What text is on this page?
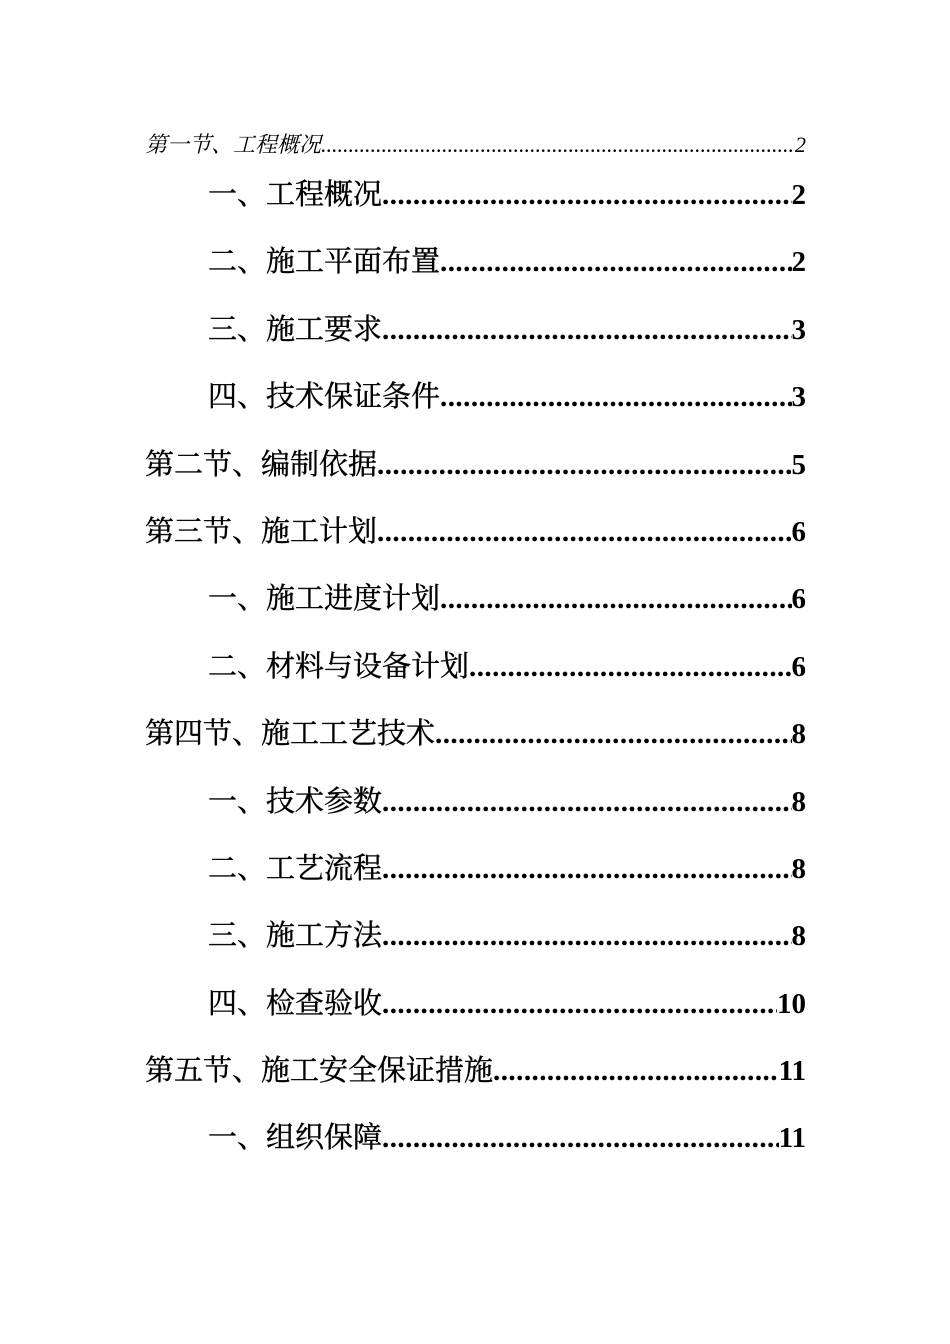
第一节、工程概况 .....	2
一、工程概况 .....	2
二、施工平面布置 .....	2
三、施工要求 .....	3
四、技术保证条件 .....	3
第二节、编制依据 .....	5
第三节、施工计划 .....	6
一、施工进度计划 .....	6
二、材料与设备计划 .....	6
第四节、施工工艺技术 .....	8
一、技术参数 .....	8
二、工艺流程 .....	8
三、施工方法 .....	8
四、检查验收 .....	10
第五节、施工安全保证措施 .....	11
一、组织保障 .....	11
